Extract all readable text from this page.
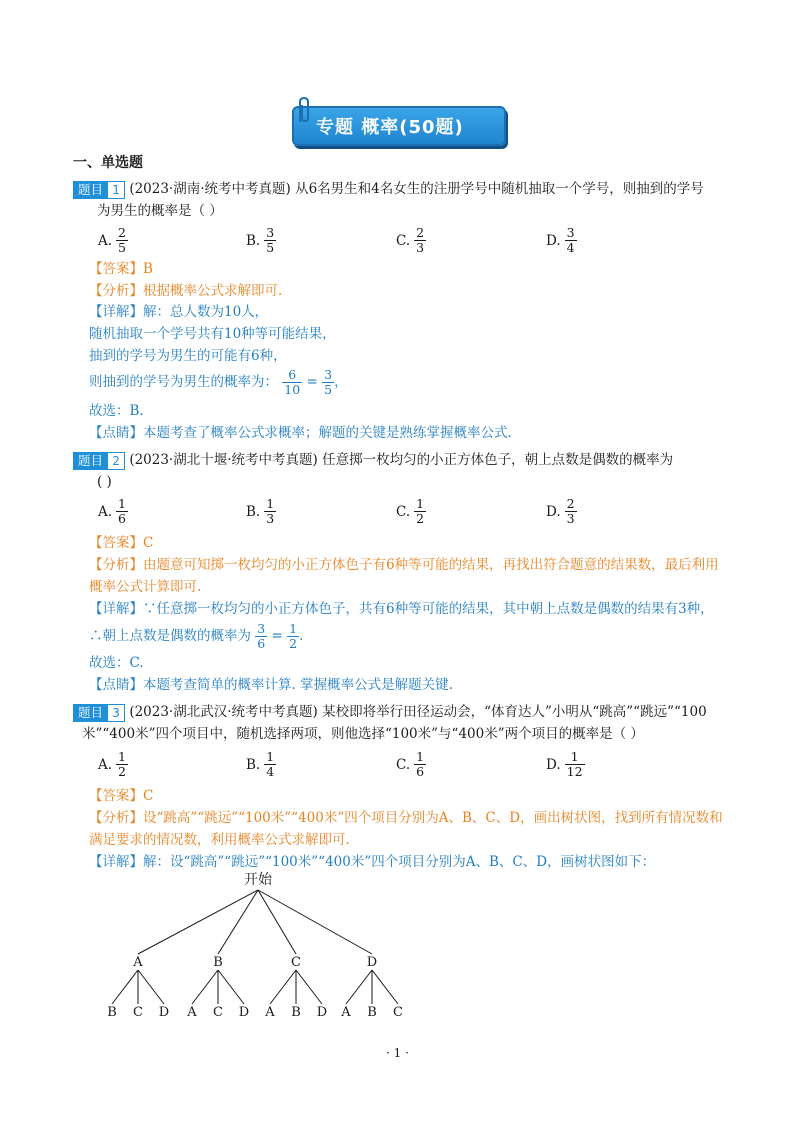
专题 概率(50题)
一、单选题
题目 1 (2023·湖南·统考中考真题) 从6名男生和4名女生的注册学号中随机抽取一个学号，则抽到的学号
为男生的概率是（ ）
A. $\frac{2}{5}$	B. $\frac{3}{5}$	C. $\frac{2}{3}$	D. $\frac{3}{4}$
【答案】B
【分析】根据概率公式求解即可.
【详解】解：总人数为10人，
随机抽取一个学号共有10种等可能结果，
抽到的学号为男生的可能有6种，
则抽到的学号为男生的概率为： $\frac{6}{10} = \frac{3}{5}$ ，
故选：B.
【点睛】本题考查了概率公式求概率；解题的关键是熟练掌握概率公式.
题目 2 (2023·湖北十堰·统考中考真题) 任意掷一枚均匀的小正方体色子，朝上点数是偶数的概率为
( )
A. $\frac{1}{6}$	B. $\frac{1}{3}$	C. $\frac{1}{2}$	D. $\frac{2}{3}$
【答案】C
【分析】由题意可知掷一枚均匀的小正方体色子有6种等可能的结果，再找出符合题意的结果数，最后利用
概率公式计算即可.
【详解】∵任意掷一枚均匀的小正方体色子，共有6种等可能的结果，其中朝上点数是偶数的结果有3种，
∴朝上点数是偶数的概率为 $\frac{3}{6} = \frac{1}{2}$ .
故选：C.
【点睛】本题考查简单的概率计算. 掌握概率公式是解题关键.
题目 3 (2023·湖北武汉·统考中考真题) 某校即将举行田径运动会，“体育达人”小明从“跳高”“跳远”“100
米”“400米”四个项目中，随机选择两项，则他选择“100米”与“400米”两个项目的概率是（ ）
A. $\frac{1}{2}$	B. $\frac{1}{4}$	C. $\frac{1}{6}$	D. $\frac{1}{12}$
【答案】C
【分析】设“跳高”“跳远”“100米”“400米”四个项目分别为A、B、C、D，画出树状图，找到所有情况数和
满足要求的情况数，利用概率公式求解即可.
【详解】解：设“跳高”“跳远”“100米”“400米”四个项目分别为A、B、C、D，画树状图如下：
开始
A
B C D
B
A C D
C
A B D
D
A B C
· 1 ·
